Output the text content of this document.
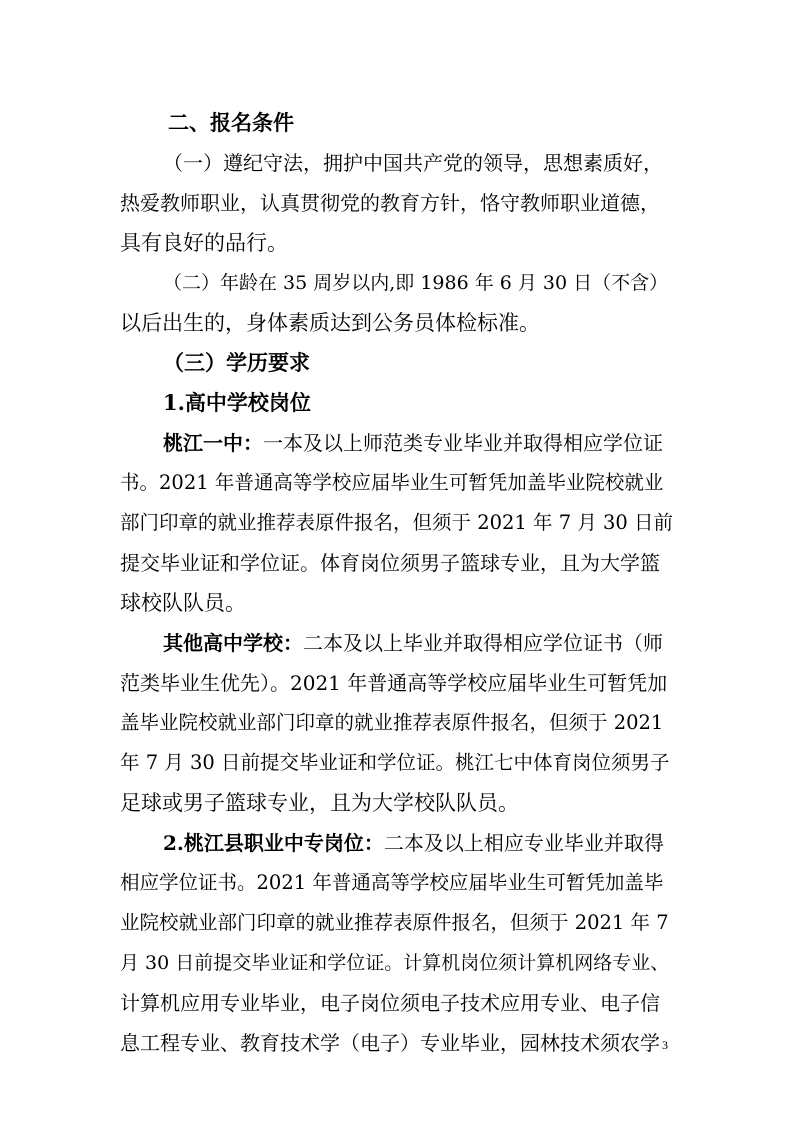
二、报名条件
（一）遵纪守法，拥护中国共产党的领导，思想素质好，
热爱教师职业，认真贯彻党的教育方针，恪守教师职业道德，
具有良好的品行。
（二）年龄在 35 周岁以内,即 1986 年 6 月 30 日（不含）
以后出生的，身体素质达到公务员体检标准。
（三）学历要求
1.高中学校岗位
桃江一中：一本及以上师范类专业毕业并取得相应学位证
书。2021 年普通高等学校应届毕业生可暂凭加盖毕业院校就业
部门印章的就业推荐表原件报名，但须于 2021 年 7 月 30 日前
提交毕业证和学位证。体育岗位须男子篮球专业，且为大学篮
球校队队员。
其他高中学校：二本及以上毕业并取得相应学位证书（师
范类毕业生优先）。2021 年普通高等学校应届毕业生可暂凭加
盖毕业院校就业部门印章的就业推荐表原件报名，但须于 2021
年 7 月 30 日前提交毕业证和学位证。桃江七中体育岗位须男子
足球或男子篮球专业，且为大学校队队员。
2.桃江县职业中专岗位：二本及以上相应专业毕业并取得
相应学位证书。2021 年普通高等学校应届毕业生可暂凭加盖毕
业院校就业部门印章的就业推荐表原件报名，但须于 2021 年 7
月 30 日前提交毕业证和学位证。计算机岗位须计算机网络专业、
计算机应用专业毕业，电子岗位须电子技术应用专业、电子信
息工程专业、教育技术学（电子）专业毕业，园林技术须农学 3
